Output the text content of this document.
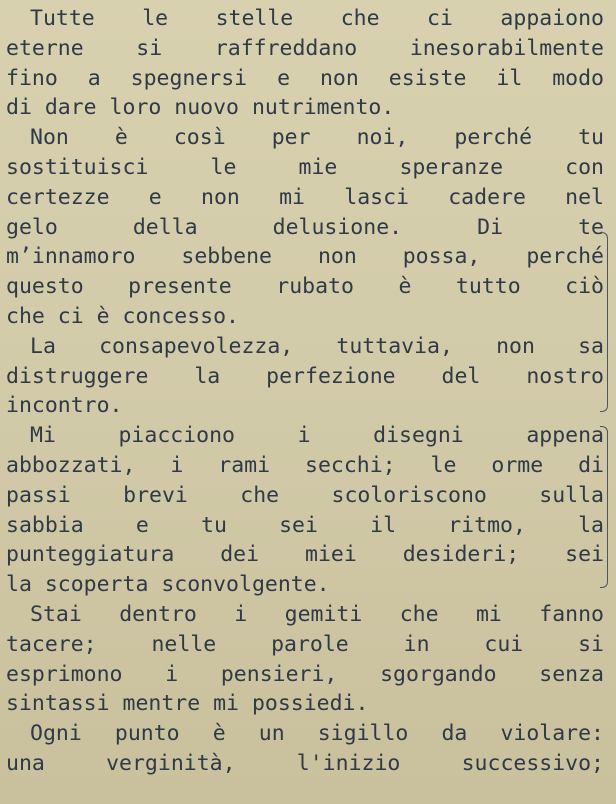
Tutte le stelle che ci appaiono
eterne si raffreddano inesorabilmente
fino a spegnersi e non esiste il modo
di dare loro nuovo nutrimento.

Non è così per noi, perché tu
sostituisci le mie speranze con
certezze e non mi lasci cadere nel
gelo della delusione. Di te
m’innamoro sebbene non possa, perché
questo presente rubato è tutto ciò
che ci è concesso.

La consapevolezza, tuttavia, non sa
distruggere la perfezione del nostro
incontro.

Mi piacciono i disegni appena
abbozzati, i rami secchi; le orme di
passi brevi che scoloriscono sulla
sabbia e tu sei il ritmo, la
punteggiatura dei miei desideri; sei
la scoperta sconvolgente.

Stai dentro i gemiti che mi fanno
tacere; nelle parole in cui si
esprimono i pensieri, sgorgando senza
sintassi mentre mi possiedi.

Ogni punto è un sigillo da violare:
una verginità, l'inizio successivo;
